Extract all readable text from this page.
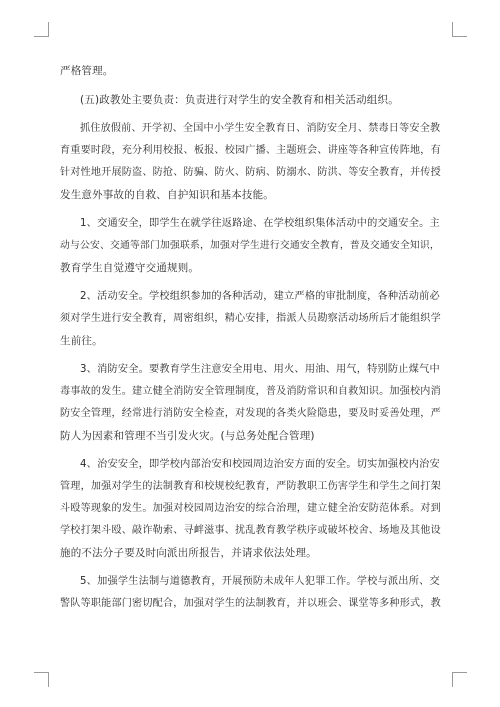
严格管理。
(五)政教处主要负责：负责进行对学生的安全教育和相关活动组织。
抓住放假前、开学初、全国中小学生安全教育日、消防安全月、禁毒日等安全教
育重要时段，充分利用校报、板报、校园广播、主题班会、讲座等各种宣传阵地，有
针对性地开展防盗、防抢、防骗、防火、防病、防溺水、防洪、等安全教育，并传授
发生意外事故的自救、自护知识和基本技能。
1、交通安全，即学生在就学往返路途、在学校组织集体活动中的交通安全。主
动与公安、交通等部门加强联系，加强对学生进行交通安全教育，普及交通安全知识，
教育学生自觉遵守交通规则。
2、活动安全。学校组织参加的各种活动，建立严格的审批制度，各种活动前必
须对学生进行安全教育，周密组织，精心安排，指派人员勘察活动场所后才能组织学
生前往。
3、消防安全。要教育学生注意安全用电、用火、用油、用气，特别防止煤气中
毒事故的发生。建立健全消防安全管理制度，普及消防常识和自救知识。加强校内消
防安全管理，经常进行消防安全检查，对发现的各类火险隐患，要及时妥善处理，严
防人为因素和管理不当引发火灾。(与总务处配合管理)
4、治安安全，即学校内部治安和校园周边治安方面的安全。切实加强校内治安
管理，加强对学生的法制教育和校规校纪教育，严防教职工伤害学生和学生之间打架
斗殴等现象的发生。加强对校园周边治安的综合治理，建立健全治安防范体系。对到
学校打架斗殴、敲诈勒索、寻衅滋事、扰乱教育教学秩序或破坏校舍、场地及其他设
施的不法分子要及时向派出所报告，并请求依法处理。
5、加强学生法制与道德教育，开展预防未成年人犯罪工作。学校与派出所、交
警队等职能部门密切配合，加强对学生的法制教育，并以班会、课堂等多种形式，教
